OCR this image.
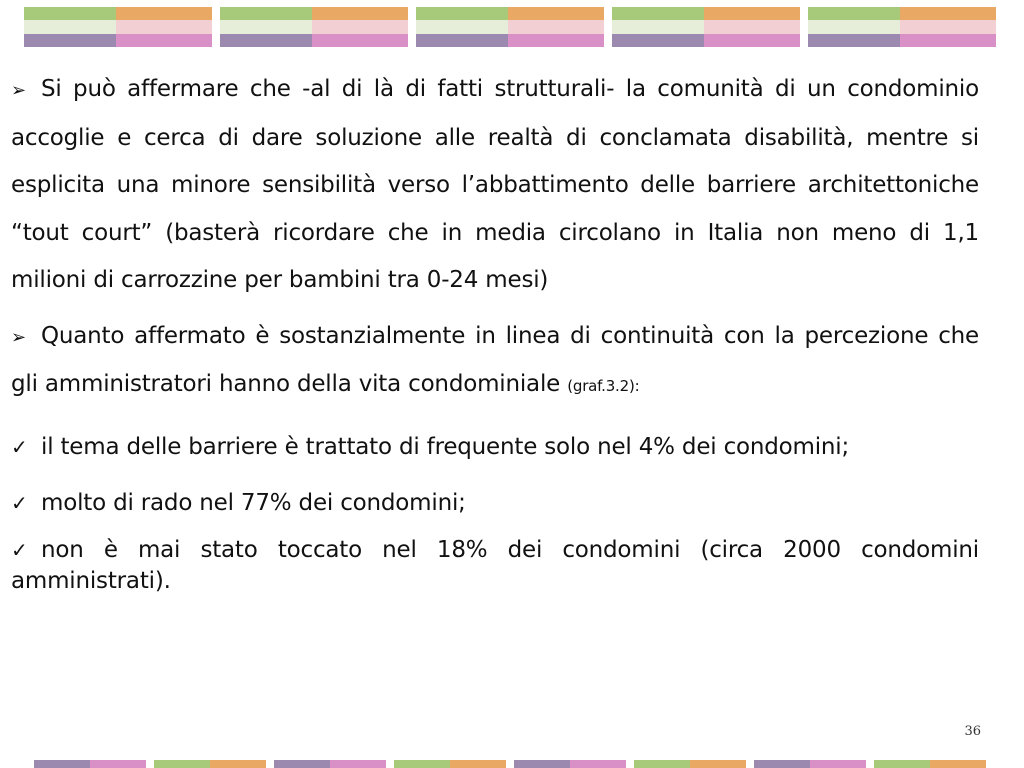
➢ Si può affermare che -al di là di fatti strutturali- la comunità di un condominio accoglie e cerca di dare soluzione alle realtà di conclamata disabilità, mentre si esplicita una minore sensibilità verso l’abbattimento delle barriere architettoniche “tout court” (basterà ricordare che in media circolano in Italia non meno di 1,1 milioni di carrozzine per bambini tra 0-24 mesi)

➢ Quanto affermato è sostanzialmente in linea di continuità con la percezione che gli amministratori hanno della vita condominiale (graf.3.2):

✓ il tema delle barriere è trattato di frequente solo nel 4% dei condomini;

✓ molto di rado nel 77% dei condomini;

✓ non è mai stato toccato nel 18% dei condomini (circa 2000 condomini amministrati).

36
